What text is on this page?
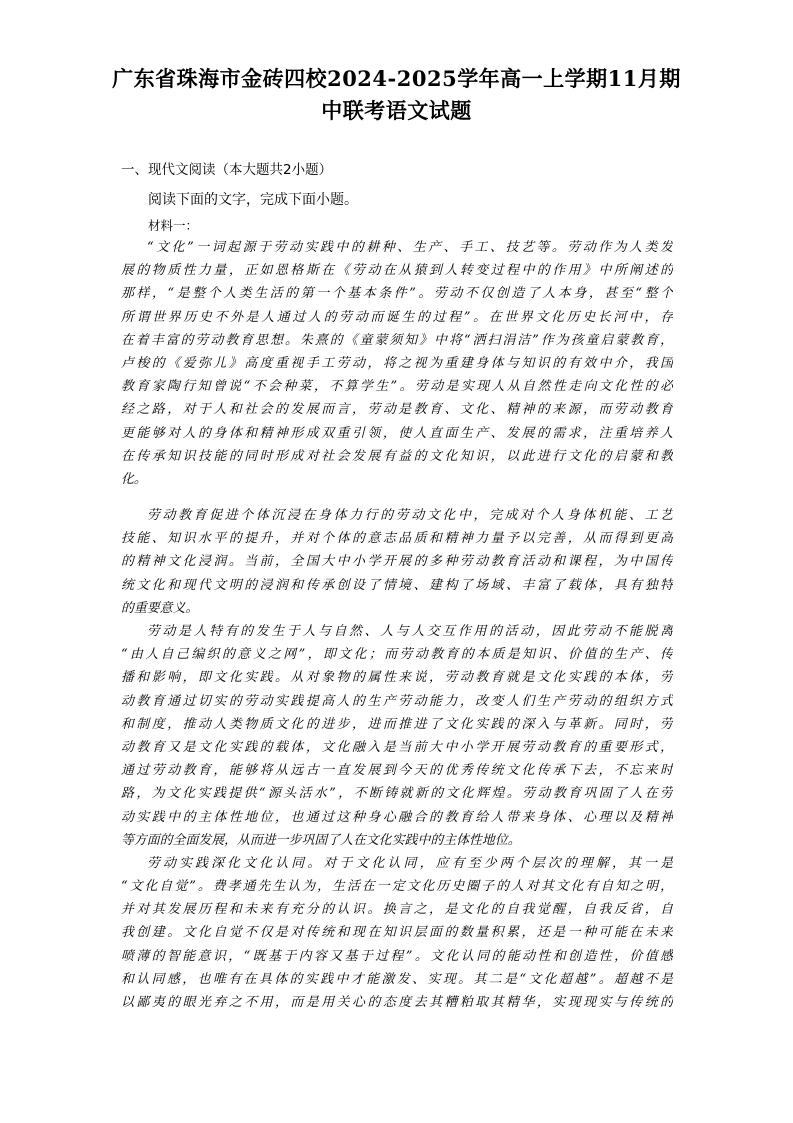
广东省珠海市金砖四校2024-2025学年高一上学期11月期
中联考语文试题
一、现代文阅读（本大题共2小题）
阅读下面的文字，完成下面小题。
材料一：
“文化”一词起源于劳动实践中的耕种、生产、手工、技艺等。劳动作为人类发
展的物质性力量，正如恩格斯在《劳动在从猿到人转变过程中的作用》中所阐述的
那样，“是整个人类生活的第一个基本条件”。劳动不仅创造了人本身，甚至“整个
所谓世界历史不外是人通过人的劳动而诞生的过程”。在世界文化历史长河中，存
在着丰富的劳动教育思想。朱熹的《童蒙须知》中将“洒扫涓洁”作为孩童启蒙教育，
卢梭的《爱弥儿》高度重视手工劳动，将之视为重建身体与知识的有效中介，我国
教育家陶行知曾说“不会种菜，不算学生”。劳动是实现人从自然性走向文化性的必
经之路，对于人和社会的发展而言，劳动是教育、文化、精神的来源，而劳动教育
更能够对人的身体和精神形成双重引领，使人直面生产、发展的需求，注重培养人
在传承知识技能的同时形成对社会发展有益的文化知识，以此进行文化的启蒙和教
化。
劳动教育促进个体沉浸在身体力行的劳动文化中，完成对个人身体机能、工艺
技能、知识水平的提升，并对个体的意志品质和精神力量予以完善，从而得到更高
的精神文化浸润。当前，全国大中小学开展的多种劳动教育活动和课程，为中国传
统文化和现代文明的浸润和传承创设了情境、建构了场域、丰富了载体，具有独特
的重要意义。
劳动是人特有的发生于人与自然、人与人交互作用的活动，因此劳动不能脱离
“由人自己编织的意义之网”，即文化；而劳动教育的本质是知识、价值的生产、传
播和影响，即文化实践。从对象物的属性来说，劳动教育就是文化实践的本体，劳
动教育通过切实的劳动实践提高人的生产劳动能力，改变人们生产劳动的组织方式
和制度，推动人类物质文化的进步，进而推进了文化实践的深入与革新。同时，劳
动教育又是文化实践的载体，文化融入是当前大中小学开展劳动教育的重要形式，
通过劳动教育，能够将从远古一直发展到今天的优秀传统文化传承下去，不忘来时
路，为文化实践提供“源头活水”，不断铸就新的文化辉煌。劳动教育巩固了人在劳
动实践中的主体性地位，也通过这种身心融合的教育给人带来身体、心理以及精神
等方面的全面发展，从而进一步巩固了人在文化实践中的主体性地位。
劳动实践深化文化认同。对于文化认同，应有至少两个层次的理解，其一是
“文化自觉”。费孝通先生认为，生活在一定文化历史圈子的人对其文化有自知之明，
并对其发展历程和未来有充分的认识。换言之，是文化的自我觉醒，自我反省，自
我创建。文化自觉不仅是对传统和现在知识层面的数量积累，还是一种可能在未来
喷薄的智能意识，“既基于内容又基于过程”。文化认同的能动性和创造性，价值感
和认同感，也唯有在具体的实践中才能激发、实现。其二是“文化超越”。超越不是
以鄙夷的眼光弃之不用，而是用关心的态度去其糟粕取其精华，实现现实与传统的
